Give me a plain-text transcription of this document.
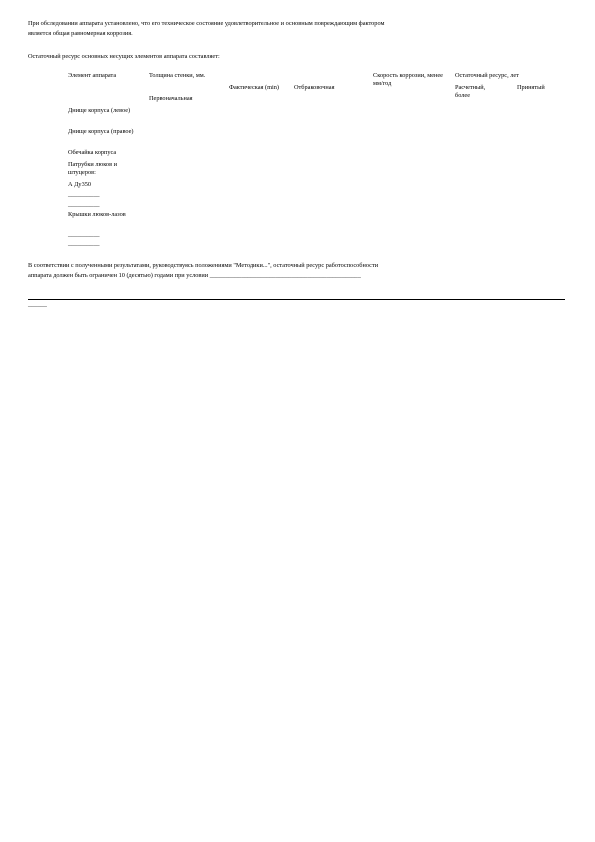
При обследовании аппарата установлено, что его техническое состояние удовлетворительное и основным повреждающим фактором
является общая равномерная коррозия.
Остаточный ресурс основных несущих элементов аппарата составляет:
Элемент аппарата	Толщина стенки, мм.
Первоначальная
Фактическая (min)	Отбраковочная
Скорость коррозии, менее мм/год
Остаточный ресурс, лет
Расчетный, более
Принятый
Днище корпуса (левое)
Днище корпуса (правое)
Обечайка корпуса
Патрубки люков и штуцеров:
А Ду350
__________
__________
Крышки люков-лазов
__________
__________
В соответствии с полученными результатами, руководствуясь положениями "Методики...", остаточный ресурс работоспособности
аппарата должен быть ограничен 10 (десятью) годами при условии ________________________________________________
______
